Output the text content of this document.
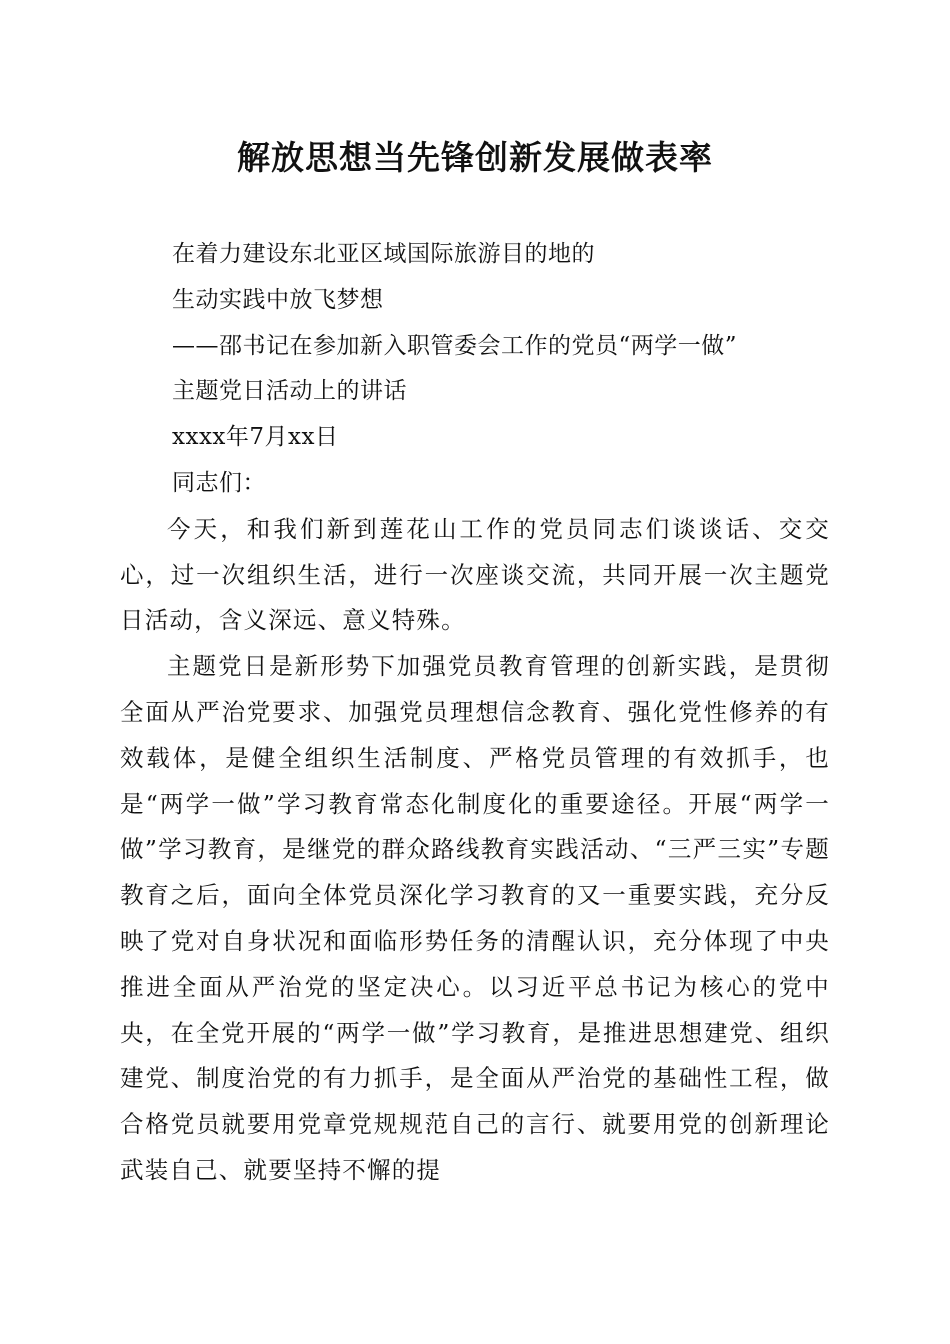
解放思想当先锋创新发展做表率

在着力建设东北亚区域国际旅游目的地的

生动实践中放飞梦想

——邵书记在参加新入职管委会工作的党员“两学一做”

主题党日活动上的讲话

xxxx年7月xx日

同志们：

今天，和我们新到莲花山工作的党员同志们谈谈话、交交心，过一次组织生活，进行一次座谈交流，共同开展一次主题党日活动，含义深远、意义特殊。

主题党日是新形势下加强党员教育管理的创新实践，是贯彻全面从严治党要求、加强党员理想信念教育、强化党性修养的有效载体，是健全组织生活制度、严格党员管理的有效抓手，也是“两学一做”学习教育常态化制度化的重要途径。开展“两学一做”学习教育，是继党的群众路线教育实践活动、“三严三实”专题教育之后，面向全体党员深化学习教育的又一重要实践，充分反映了党对自身状况和面临形势任务的清醒认识，充分体现了中央推进全面从严治党的坚定决心。以习近平总书记为核心的党中央，在全党开展的“两学一做”学习教育，是推进思想建党、组织建党、制度治党的有力抓手，是全面从严治党的基础性工程，做合格党员就要用党章党规规范自己的言行、就要用党的创新理论武装自己、就要坚持不懈的提
